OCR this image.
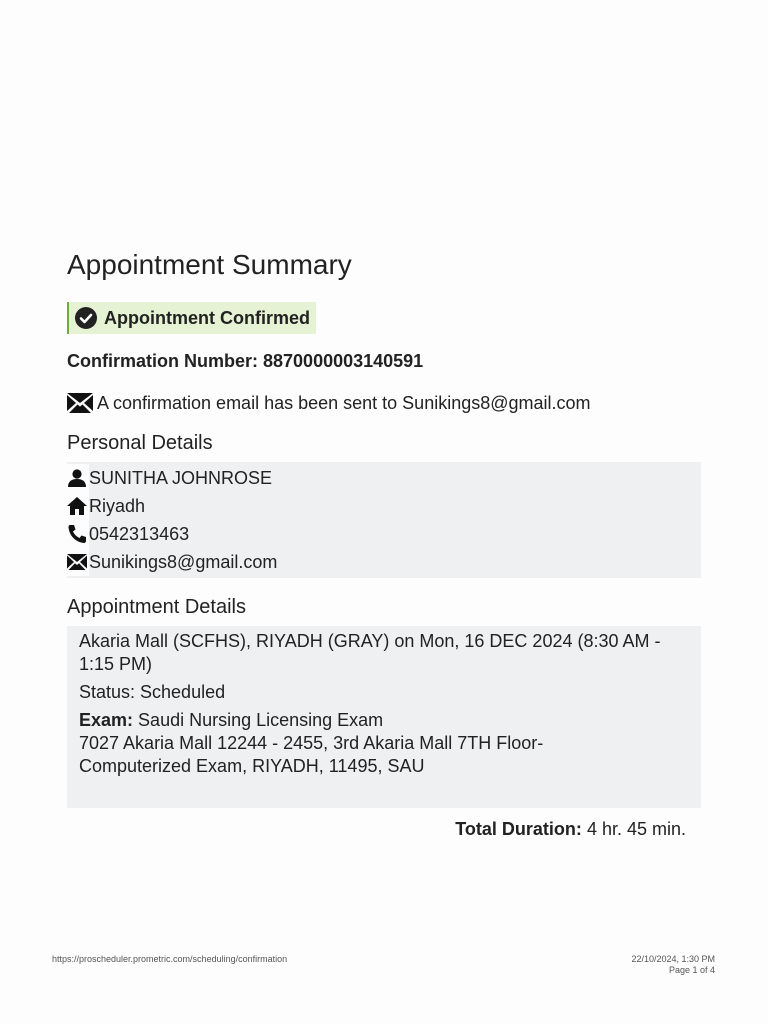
Appointment Summary
Appointment Confirmed
Confirmation Number: 8870000003140591
A confirmation email has been sent to Sunikings8@gmail.com
Personal Details
SUNITHA JOHNROSE
Riyadh
0542313463
Sunikings8@gmail.com
Appointment Details

Akaria Mall (SCFHS), RIYADH (GRAY) on Mon, 16 DEC 2024 (8:30 AM - 1:15 PM)

Status: Scheduled

Exam: Saudi Nursing Licensing Exam

7027 Akaria Mall 12244 - 2455, 3rd Akaria Mall 7TH Floor-

Computerized Exam, RIYADH, 11495, SAU

Total Duration: 4 hr. 45 min.
https://proscheduler.prometric.com/scheduling/confirmation	22/10/2024, 1:30 PM
Page 1 of 4
